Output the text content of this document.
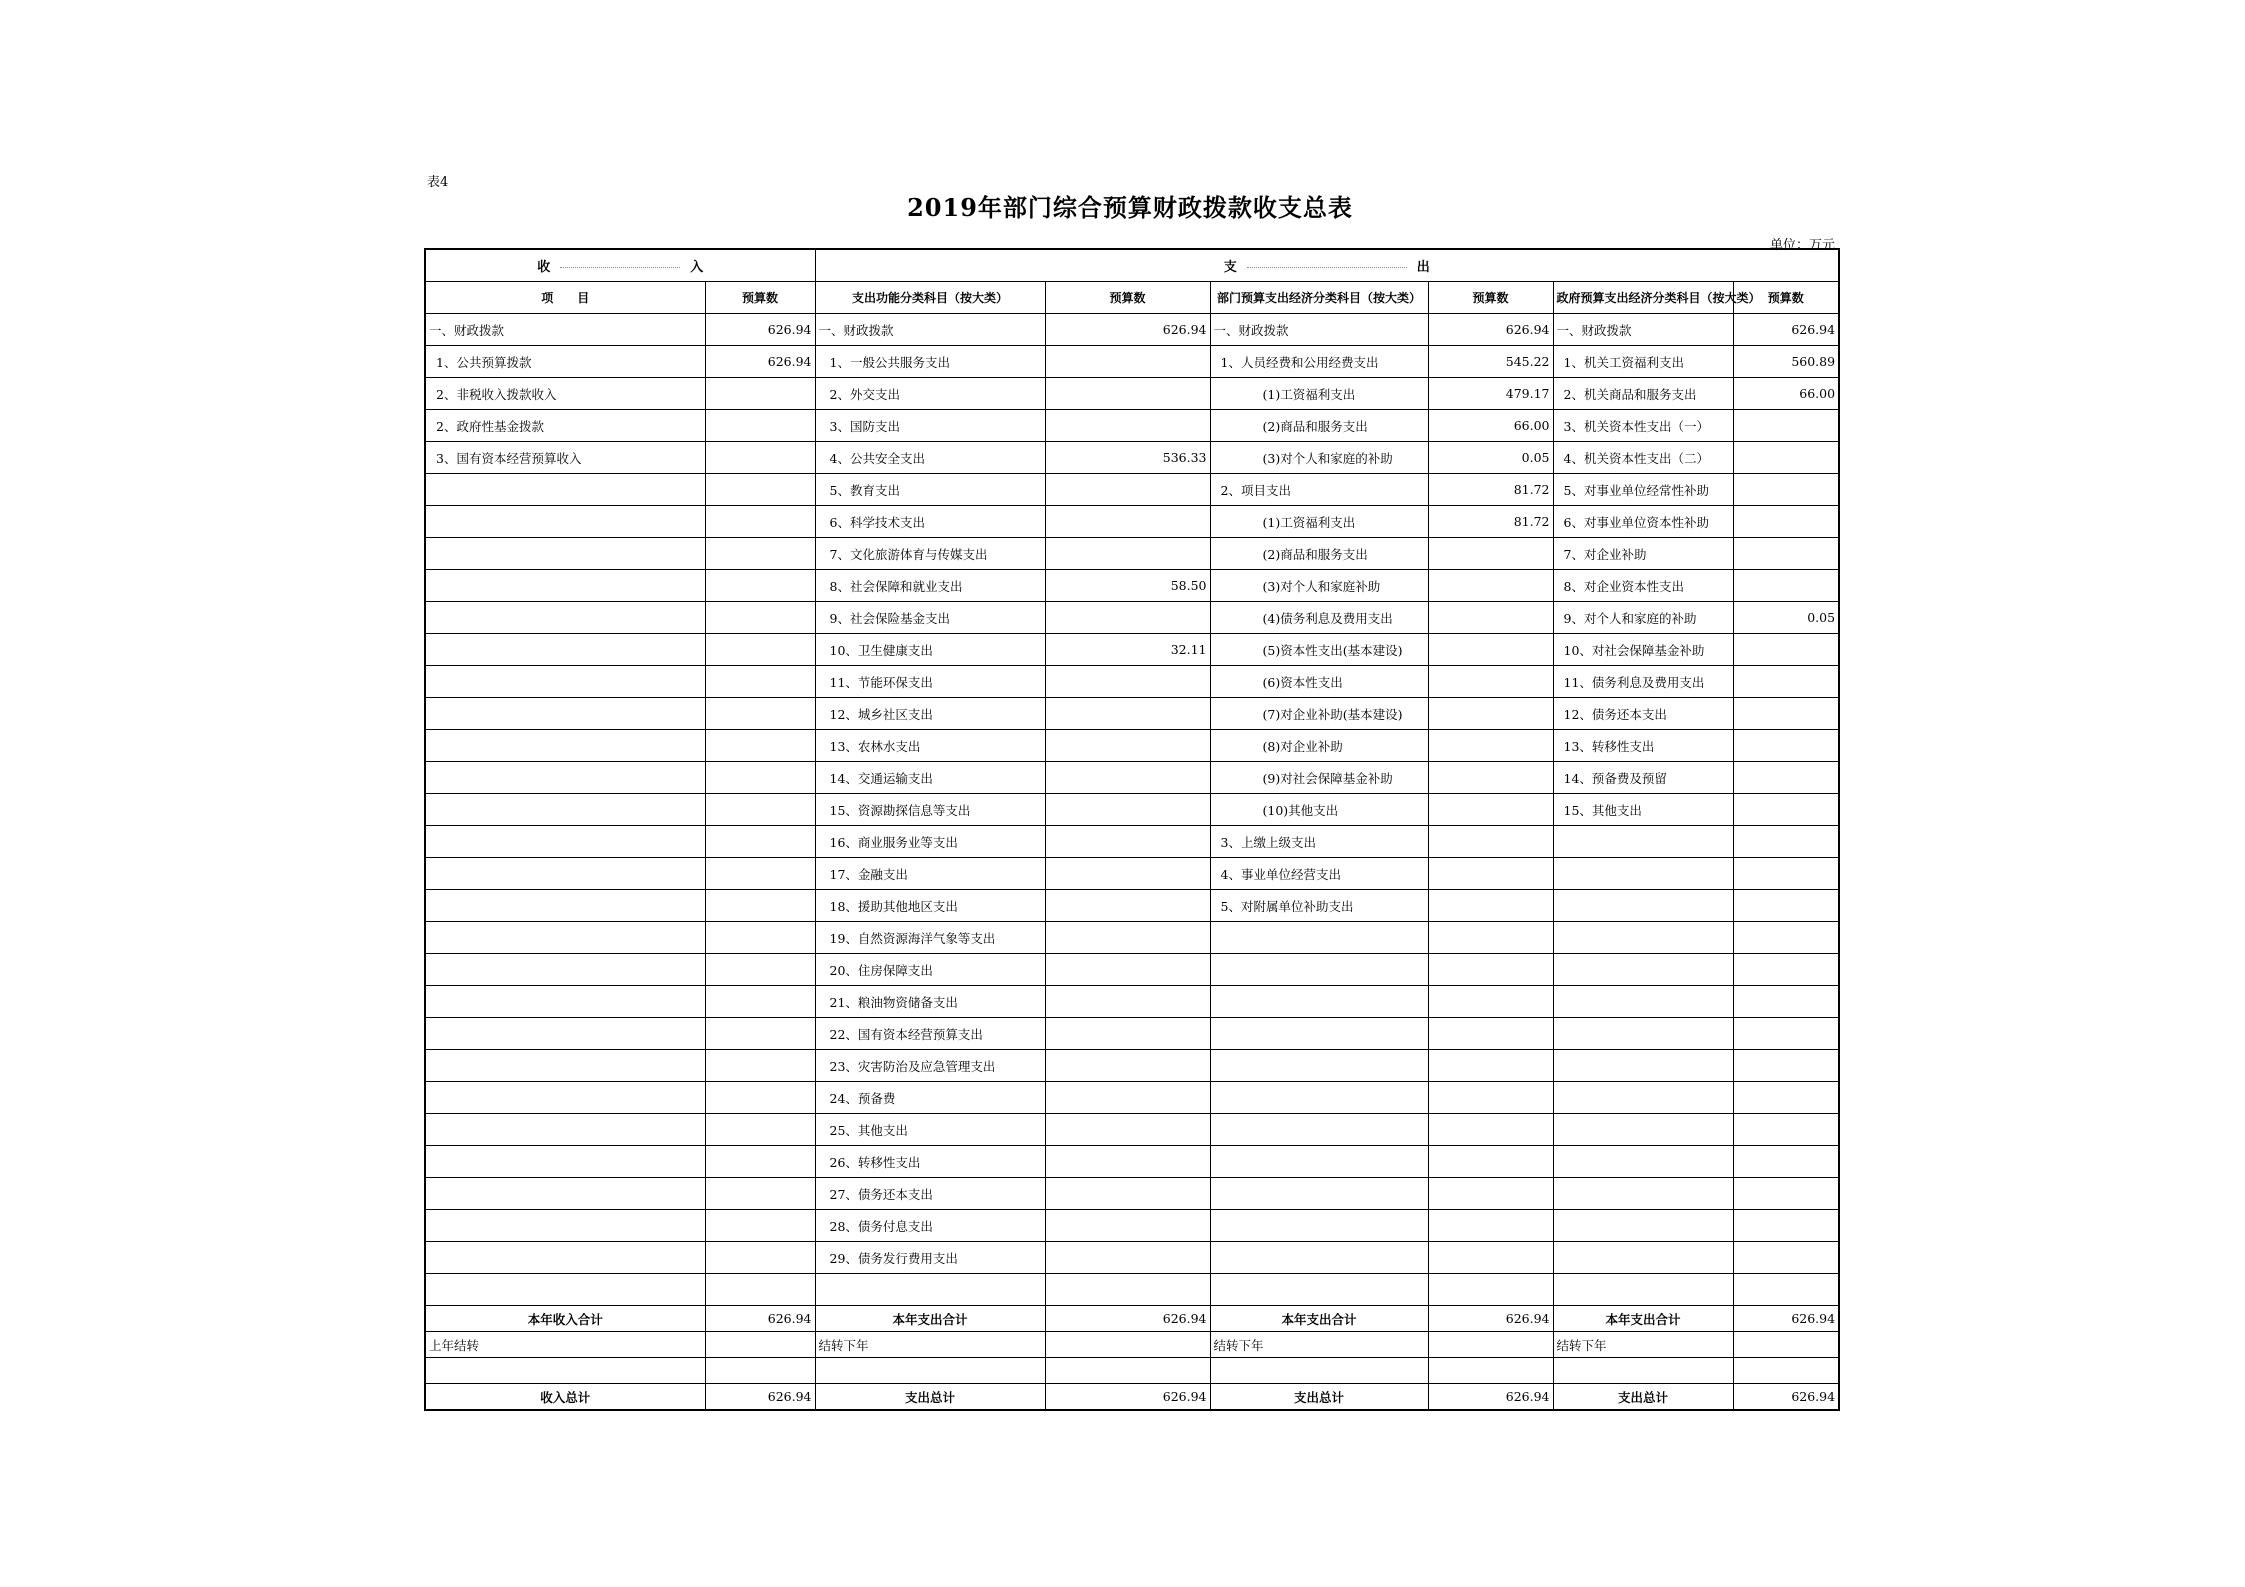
表4
2019年部门综合预算财政拨款收支总表
单位：万元
收 入		支 出					
项　　目	预算数	支出功能分类科目（按大类）	预算数	部门预算支出经济分类科目（按大类）	预算数	政府预算支出经济分类科目（按大类）	预算数
一、财政拨款	626.94	一、财政拨款	626.94	一、财政拨款	626.94	一、财政拨款	626.94
1、公共预算拨款	626.94	1、一般公共服务支出		1、人员经费和公用经费支出	545.22	1、机关工资福利支出	560.89
2、非税收入拨款收入		2、外交支出		(1)工资福利支出	479.17	2、机关商品和服务支出	66.00
2、政府性基金拨款		3、国防支出		(2)商品和服务支出	66.00	3、机关资本性支出（一）	
3、国有资本经营预算收入		4、公共安全支出	536.33	(3)对个人和家庭的补助	0.05	4、机关资本性支出（二）	
		5、教育支出		2、项目支出	81.72	5、对事业单位经常性补助	
		6、科学技术支出		(1)工资福利支出	81.72	6、对事业单位资本性补助	
		7、文化旅游体育与传媒支出		(2)商品和服务支出		7、对企业补助	
		8、社会保障和就业支出	58.50	(3)对个人和家庭补助		8、对企业资本性支出	
		9、社会保险基金支出		(4)债务利息及费用支出		9、对个人和家庭的补助	0.05
		10、卫生健康支出	32.11	(5)资本性支出(基本建设)		10、对社会保障基金补助	
		11、节能环保支出		(6)资本性支出		11、债务利息及费用支出	
		12、城乡社区支出		(7)对企业补助(基本建设)		12、债务还本支出	
		13、农林水支出		(8)对企业补助		13、转移性支出	
		14、交通运输支出		(9)对社会保障基金补助		14、预备费及预留	
		15、资源勘探信息等支出		(10)其他支出		15、其他支出	
		16、商业服务业等支出		3、上缴上级支出			
		17、金融支出		4、事业单位经营支出			
		18、援助其他地区支出		5、对附属单位补助支出			
		19、自然资源海洋气象等支出					
		20、住房保障支出					
		21、粮油物资储备支出					
		22、国有资本经营预算支出					
		23、灾害防治及应急管理支出					
		24、预备费					
		25、其他支出					
		26、转移性支出					
		27、债务还本支出					
		28、债务付息支出					
		29、债务发行费用支出					

本年收入合计	626.94	本年支出合计	626.94	本年支出合计	626.94	本年支出合计	626.94
上年结转		结转下年		结转下年		结转下年	

收入总计	626.94	支出总计	626.94	支出总计	626.94	支出总计	626.94
